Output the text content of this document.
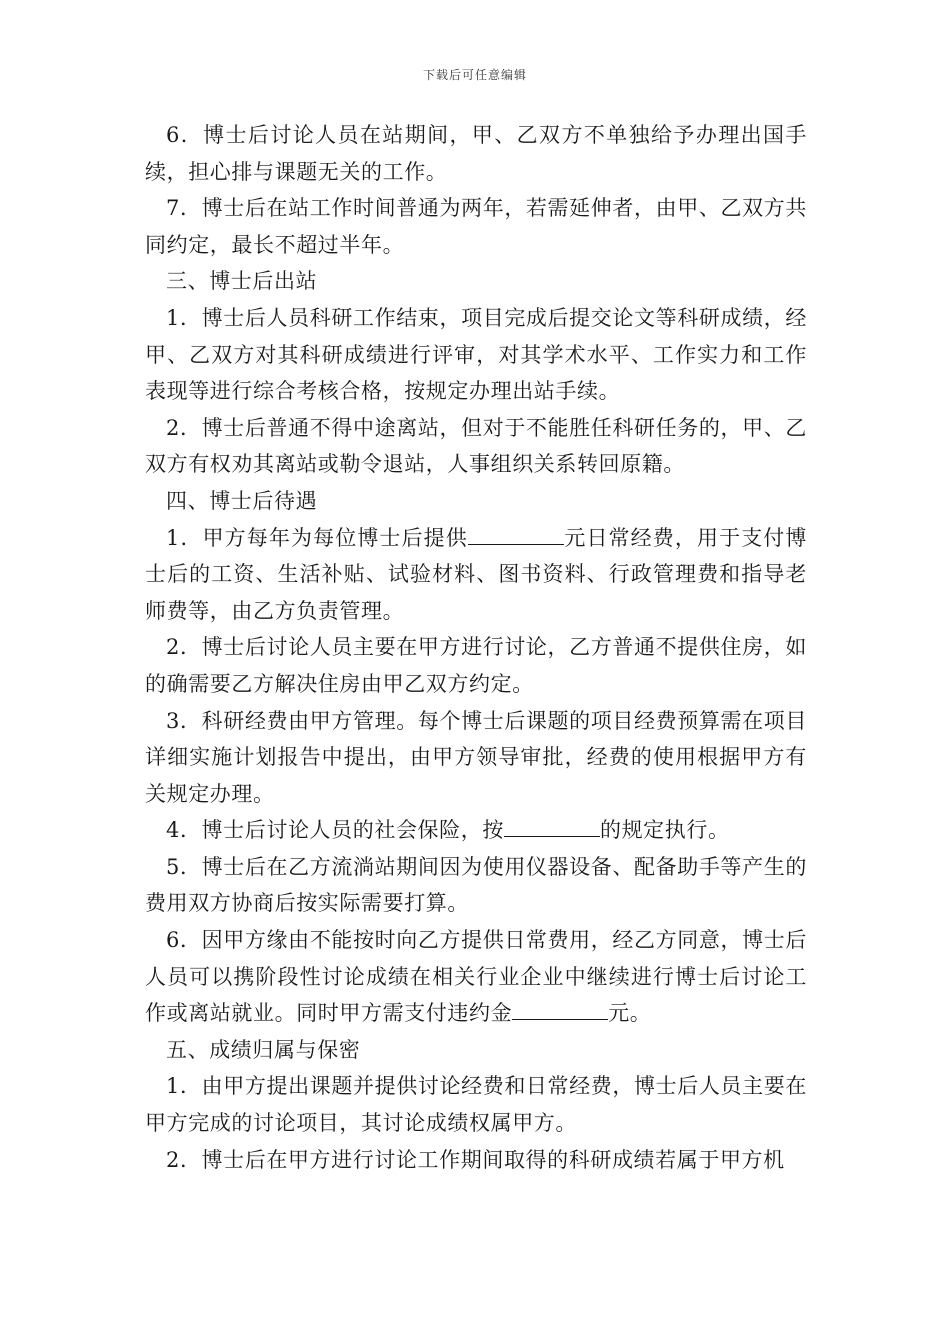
下载后可任意编辑

6．博士后讨论人员在站期间，甲、乙双方不单独给予办理出国手续，担心排与课题无关的工作。

7．博士后在站工作时间普通为两年，若需延伸者，由甲、乙双方共同约定，最长不超过半年。

三、博士后出站

1．博士后人员科研工作结束，项目完成后提交论文等科研成绩，经甲、乙双方对其科研成绩进行评审，对其学术水平、工作实力和工作表现等进行综合考核合格，按规定办理出站手续。

2．博士后普通不得中途离站，但对于不能胜任科研任务的，甲、乙双方有权劝其离站或勒令退站，人事组织关系转回原籍。

四、博士后待遇

1．甲方每年为每位博士后提供	元日常经费，用于支付博士后的工资、生活补贴、试验材料、图书资料、行政管理费和指导老师费等，由乙方负责管理。

2．博士后讨论人员主要在甲方进行讨论，乙方普通不提供住房，如的确需要乙方解决住房由甲乙双方约定。

3．科研经费由甲方管理。每个博士后课题的项目经费预算需在项目详细实施计划报告中提出，由甲方领导审批，经费的使用根据甲方有关规定办理。

4．博士后讨论人员的社会保险，按	的规定执行。

5．博士后在乙方流淌站期间因为使用仪器设备、配备助手等产生的费用双方协商后按实际需要打算。

6．因甲方缘由不能按时向乙方提供日常费用，经乙方同意，博士后人员可以携阶段性讨论成绩在相关行业企业中继续进行博士后讨论工作或离站就业。同时甲方需支付违约金	元。

五、成绩归属与保密

1．由甲方提出课题并提供讨论经费和日常经费，博士后人员主要在甲方完成的讨论项目，其讨论成绩权属甲方。

2．博士后在甲方进行讨论工作期间取得的科研成绩若属于甲方机
